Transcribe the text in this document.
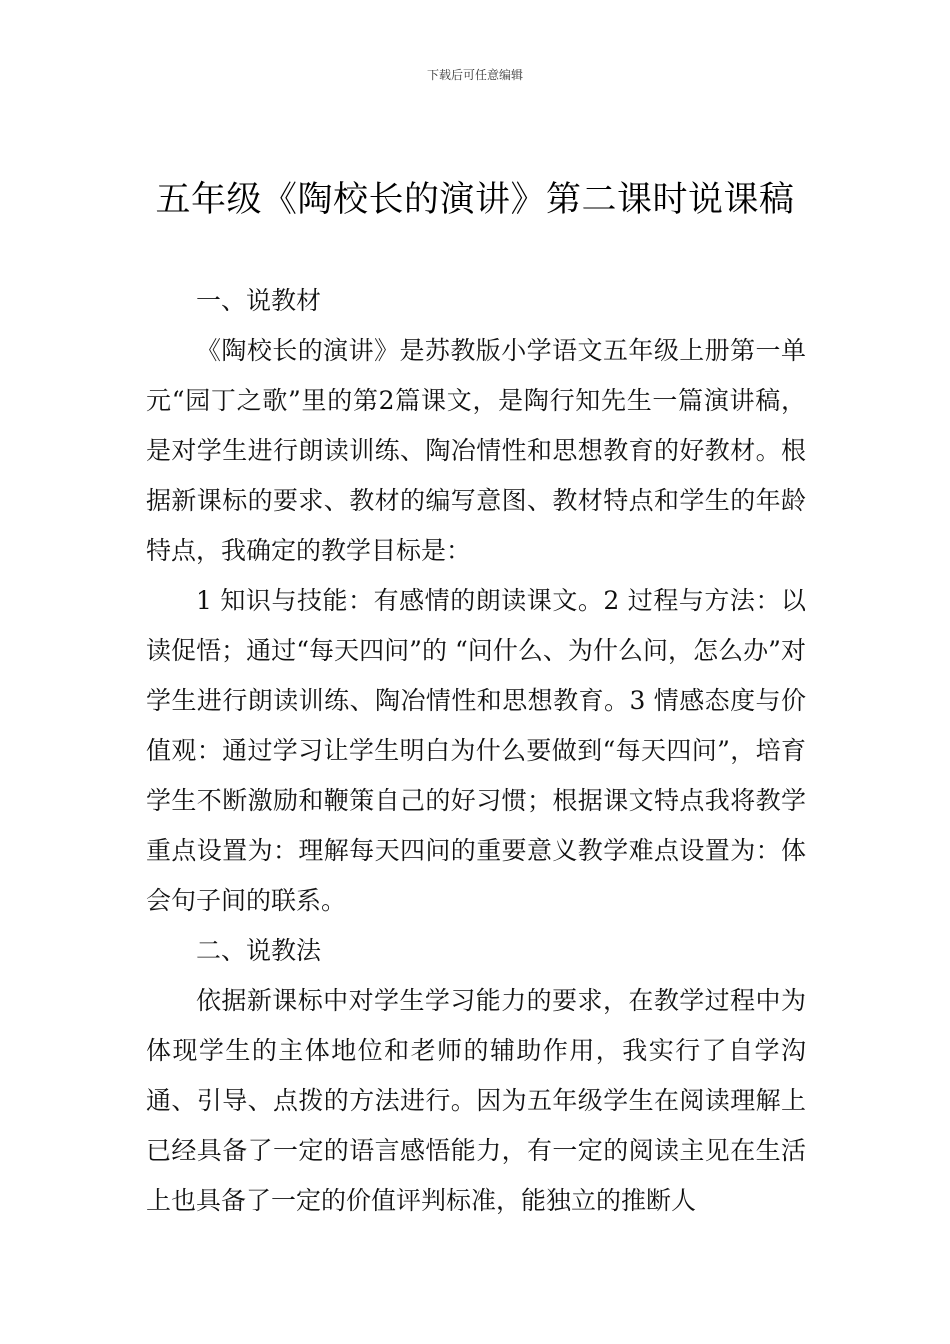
下载后可任意编辑
五年级《陶校长的演讲》第二课时说课稿

一、说教材

《陶校长的演讲》是苏教版小学语文五年级上册第一单元“园丁之歌”里的第2篇课文，是陶行知先生一篇演讲稿，是对学生进行朗读训练、陶冶情性和思想教育的好教材。根据新课标的要求、教材的编写意图、教材特点和学生的年龄特点，我确定的教学目标是：

1 知识与技能：有感情的朗读课文。2 过程与方法：以读促悟；通过“每天四问”的 “问什么、为什么问，怎么办”对学生进行朗读训练、陶冶情性和思想教育。3 情感态度与价值观：通过学习让学生明白为什么要做到“每天四问”，培育学生不断激励和鞭策自己的好习惯；根据课文特点我将教学重点设置为：理解每天四问的重要意义教学难点设置为：体会句子间的联系。

二、说教法

依据新课标中对学生学习能力的要求，在教学过程中为体现学生的主体地位和老师的辅助作用，我实行了自学沟通、引导、点拨的方法进行。因为五年级学生在阅读理解上已经具备了一定的语言感悟能力，有一定的阅读主见在生活上也具备了一定的价值评判标准，能独立的推断人
